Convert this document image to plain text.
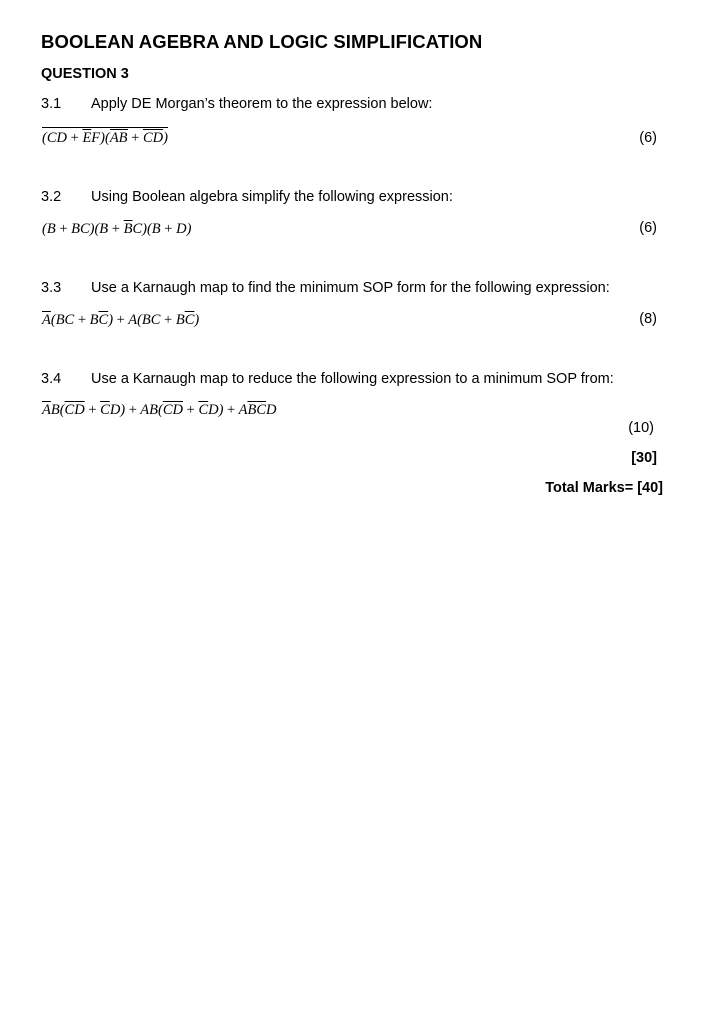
BOOLEAN AGEBRA AND LOGIC SIMPLIFICATION
QUESTION 3
3.1 Apply DE Morgan’s theorem to the expression below:
$(CD + \overline{E}F)(A\overline{B} + \overline{C}\overline{D})$	(6)
3.2 Using Boolean algebra simplify the following expression:
$(B + BC)(B + \overline{B}C)(B + D)$	(6)
3.3 Use a Karnaugh map to find the minimum SOP form for the following expression:
$\overline{A}(BC + B\overline{C}) + A(BC + B\overline{C})$	(8)
3.4 Use a Karnaugh map to reduce the following expression to a minimum SOP from:
$\overline{A}B(\overline{C}\overline{D} + \overline{C}D) + AB(\overline{C}\overline{D} + \overline{C}D) + A\overline{B}\overline{C}D$
(10)
[30]
Total Marks= [40]
